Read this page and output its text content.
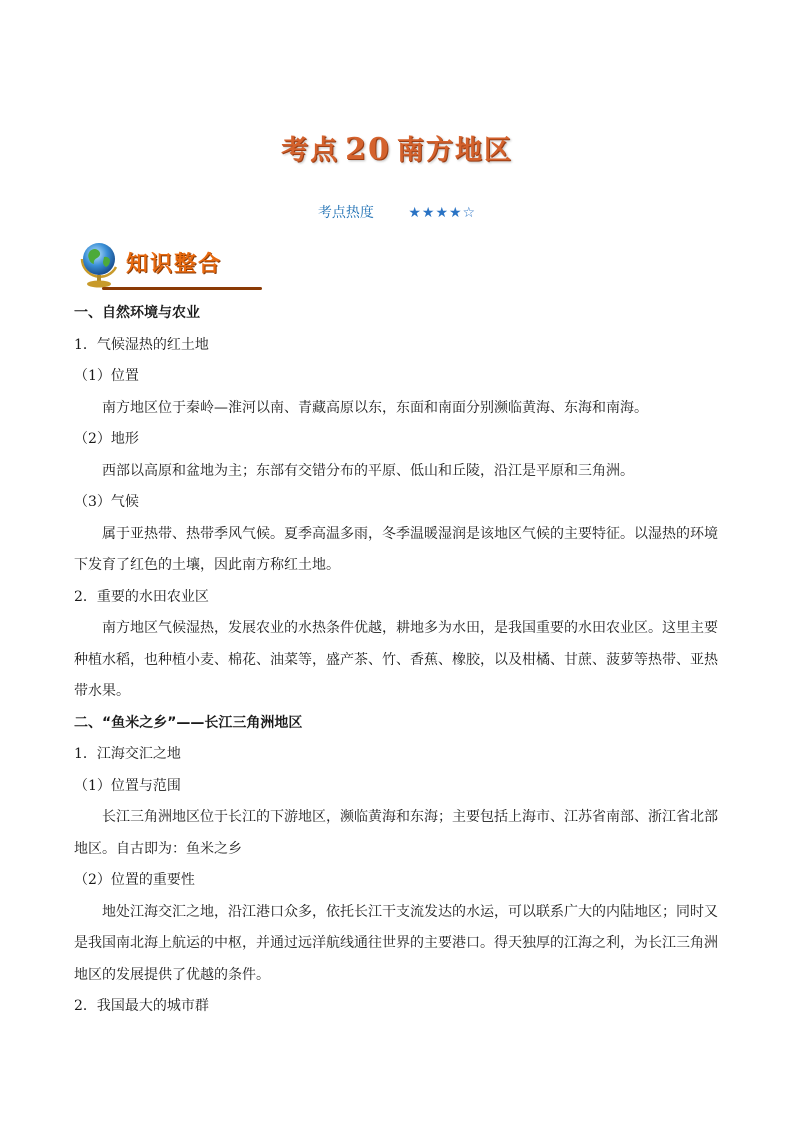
考点 20 南方地区
考点热度 ★★★★☆
知识整合

一、自然环境与农业

1．气候湿热的红土地

（1）位置

南方地区位于秦岭—淮河以南、青藏高原以东，东面和南面分别濒临黄海、东海和南海。

（2）地形

西部以高原和盆地为主；东部有交错分布的平原、低山和丘陵，沿江是平原和三角洲。

（3）气候

属于亚热带、热带季风气候。夏季高温多雨，冬季温暖湿润是该地区气候的主要特征。以湿热的环境下发育了红色的土壤，因此南方称红土地。

2．重要的水田农业区

南方地区气候湿热，发展农业的水热条件优越，耕地多为水田，是我国重要的水田农业区。这里主要种植水稻，也种植小麦、棉花、油菜等，盛产茶、竹、香蕉、橡胶，以及柑橘、甘蔗、菠萝等热带、亚热带水果。

二、“鱼米之乡”——长江三角洲地区

1．江海交汇之地

（1）位置与范围

长江三角洲地区位于长江的下游地区，濒临黄海和东海；主要包括上海市、江苏省南部、浙江省北部地区。自古即为：鱼米之乡

（2）位置的重要性

地处江海交汇之地，沿江港口众多，依托长江干支流发达的水运，可以联系广大的内陆地区；同时又是我国南北海上航运的中枢，并通过远洋航线通往世界的主要港口。得天独厚的江海之利，为长江三角洲地区的发展提供了优越的条件。

2．我国最大的城市群
